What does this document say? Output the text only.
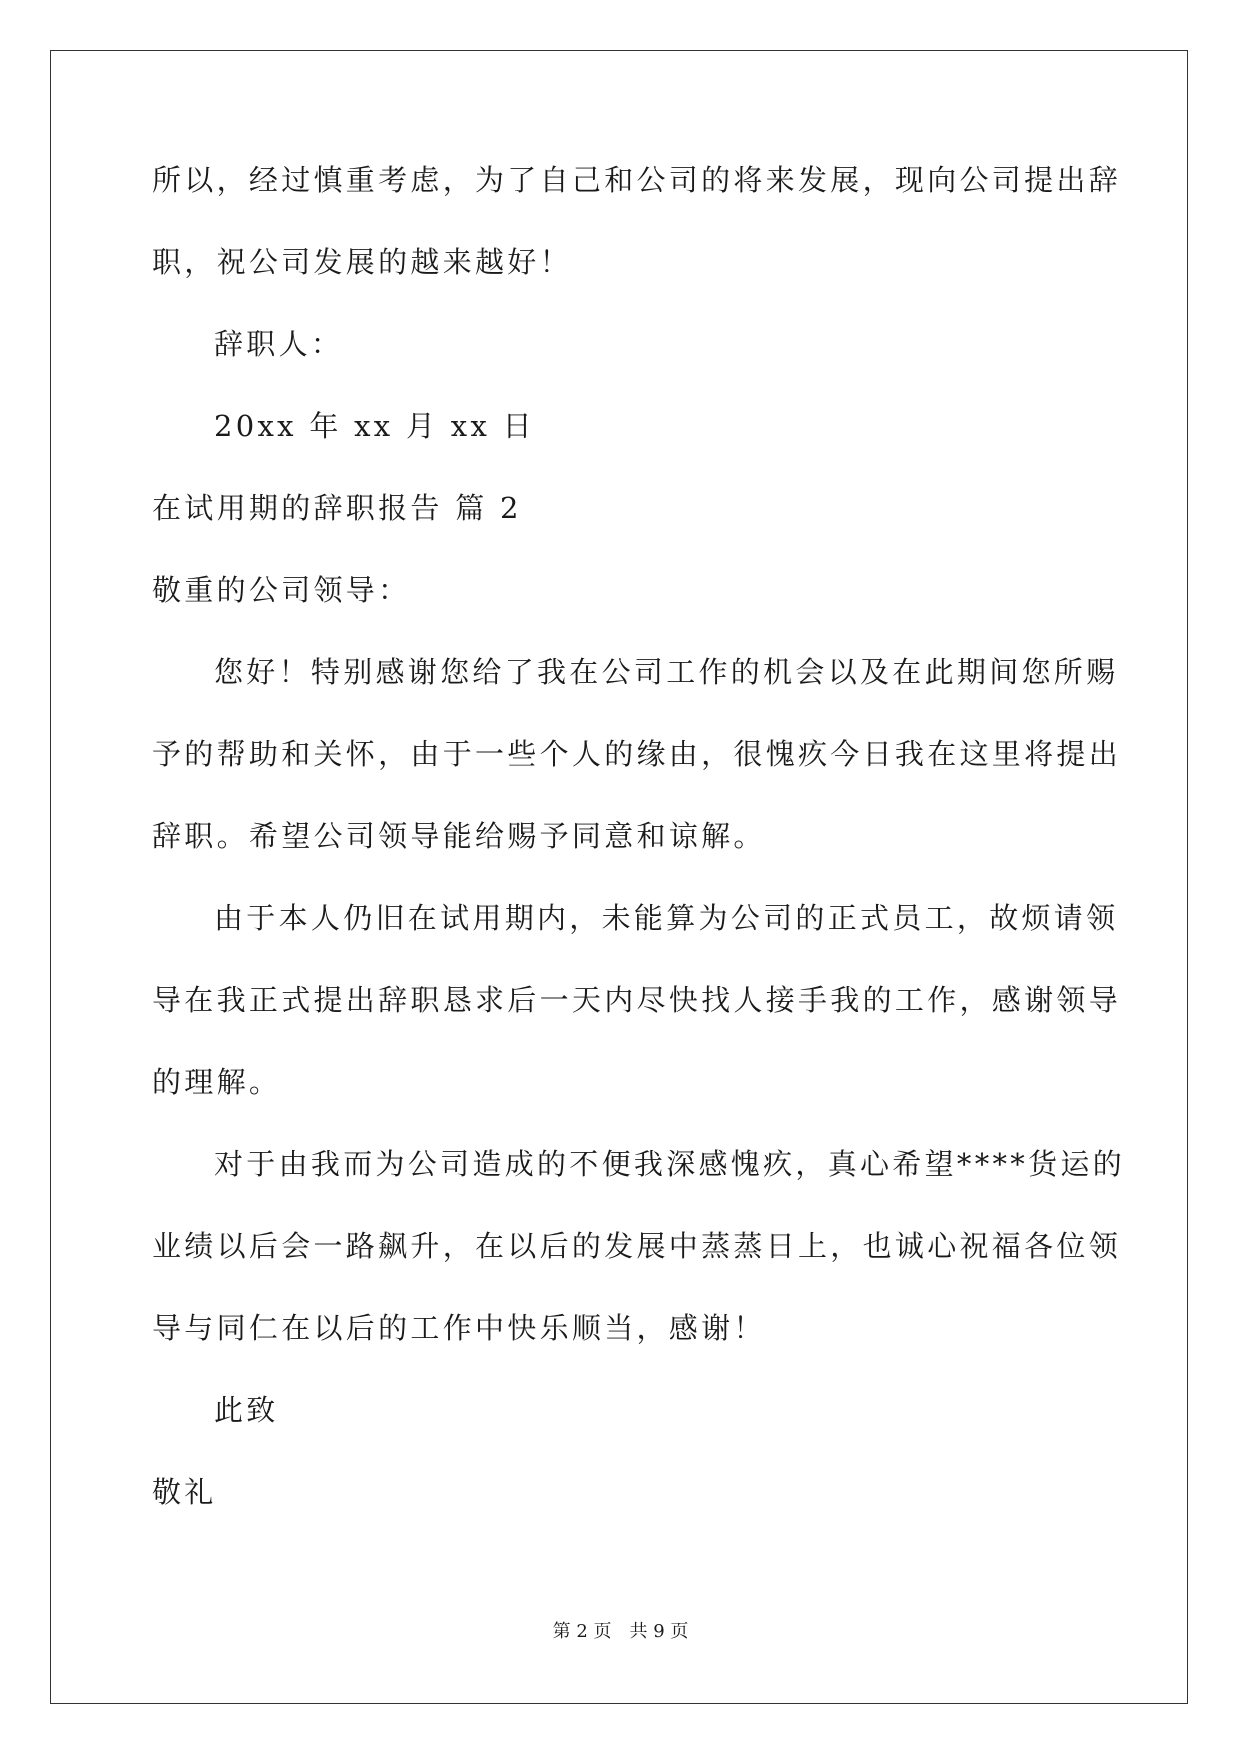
所以，经过慎重考虑，为了自己和公司的将来发展，现向公司提出辞
职，祝公司发展的越来越好！
辞职人：
20xx 年 xx 月 xx 日
在试用期的辞职报告 篇 2
敬重的公司领导：
您好！特别感谢您给了我在公司工作的机会以及在此期间您所赐
予的帮助和关怀，由于一些个人的缘由，很愧疚今日我在这里将提出
辞职。希望公司领导能给赐予同意和谅解。
由于本人仍旧在试用期内，未能算为公司的正式员工，故烦请领
导在我正式提出辞职恳求后一天内尽快找人接手我的工作，感谢领导
的理解。
对于由我而为公司造成的不便我深感愧疚，真心希望****货运的
业绩以后会一路飙升，在以后的发展中蒸蒸日上，也诚心祝福各位领
导与同仁在以后的工作中快乐顺当，感谢！
此致
敬礼
第 2 页 共 9 页
